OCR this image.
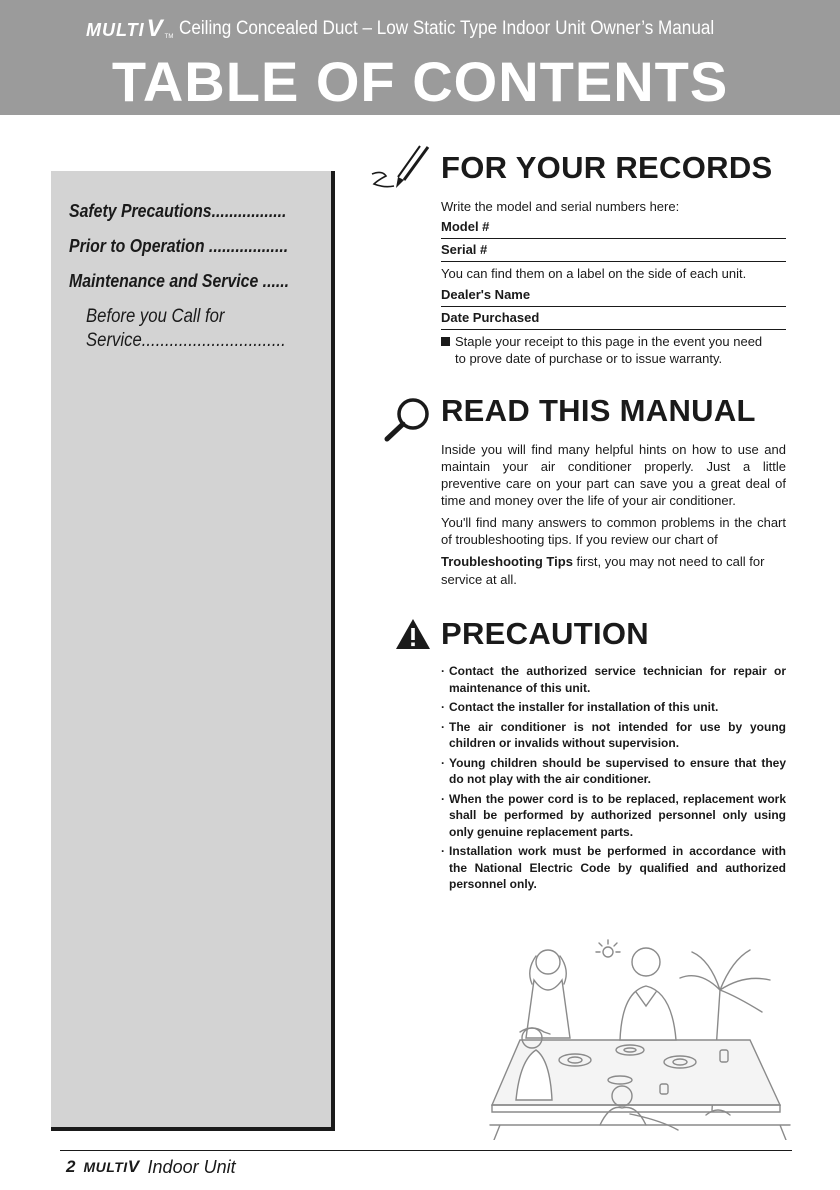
MULTIV TM Ceiling Concealed Duct – Low Static Type Indoor Unit Owner’s Manual
TABLE OF CONTENTS
Safety Precautions.................
Prior to Operation ..................
Maintenance and Service ......
Before you Call for
Service...............................
FOR YOUR RECORDS
Write the model and serial numbers here:
Model #
Serial #
You can find them on a label on the side of each unit.
Dealer's Name
Date Purchased
Staple your receipt to this page in the event you need
to prove date of purchase or to issue warranty.
READ THIS MANUAL
Inside you will find many helpful hints on how to use and maintain your air conditioner properly. Just a little preventive care on your part can save you a great deal of time and money over the life of your air conditioner.
You'll find many answers to common problems in the chart of troubleshooting tips. If you review our chart of
Troubleshooting Tips first, you may not need to call for service at all.
PRECAUTION
· Contact the authorized service technician for repair or maintenance of this unit.
· Contact the installer for installation of this unit.
· The air conditioner is not intended for use by young children or invalids without supervision.
· Young children should be supervised to ensure that they do not play with the air conditioner.
· When the power cord is to be replaced, replacement work shall be performed by authorized personnel only using only genuine replacement parts.
· Installation work must be performed in accordance with the National Electric Code by qualified and authorized personnel only.
2 MULTIV Indoor Unit
